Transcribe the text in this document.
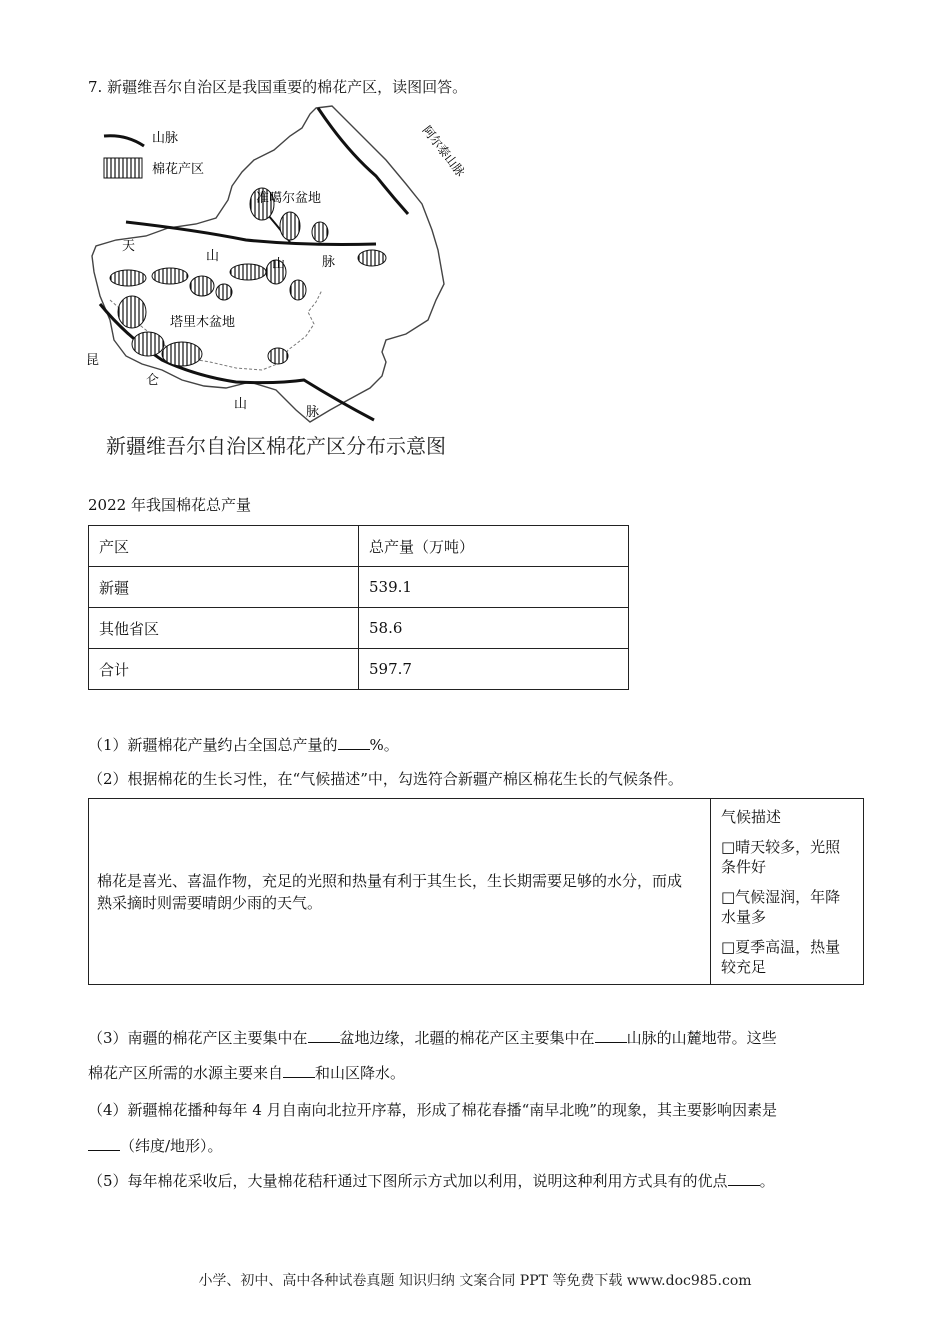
7. 新疆维吾尔自治区是我国重要的棉花产区，读图回答。
山脉
棉花产区	阿尔泰山脉
准噶尔盆地
天
山
山	脉
塔里木盆地
昆
仑
山
脉
新疆维吾尔自治区棉花产区分布示意图
2022 年我国棉花总产量
产区	总产量（万吨）
新疆	539.1
其他省区	58.6
合计	597.7
（1）新疆棉花产量约占全国总产量的 %。
（2）根据棉花的生长习性，在“气候描述”中，勾选符合新疆产棉区棉花生长的气候条件。
棉花是喜光、喜温作物，充足的光照和热量有利于其生长，生长期需要足够的水分，而成熟采摘时则需要晴朗少雨的天气。	
气候描述
□晴天较多，光照条件好
□气候湿润，年降水量多
□夏季高温，热量较充足
（3）南疆的棉花产区主要集中在 盆地边缘，北疆的棉花产区主要集中在 山脉的山麓地带。这些
棉花产区所需的水源主要来自 和山区降水。
（4）新疆棉花播种每年 4 月自南向北拉开序幕，形成了棉花春播“南早北晚”的现象，其主要影响因素是
（纬度/地形）。
（5）每年棉花采收后，大量棉花秸秆通过下图所示方式加以利用，说明这种利用方式具有的优点 。
小学、初中、高中各种试卷真题 知识归纳 文案合同 PPT 等免费下载 www.doc985.com
